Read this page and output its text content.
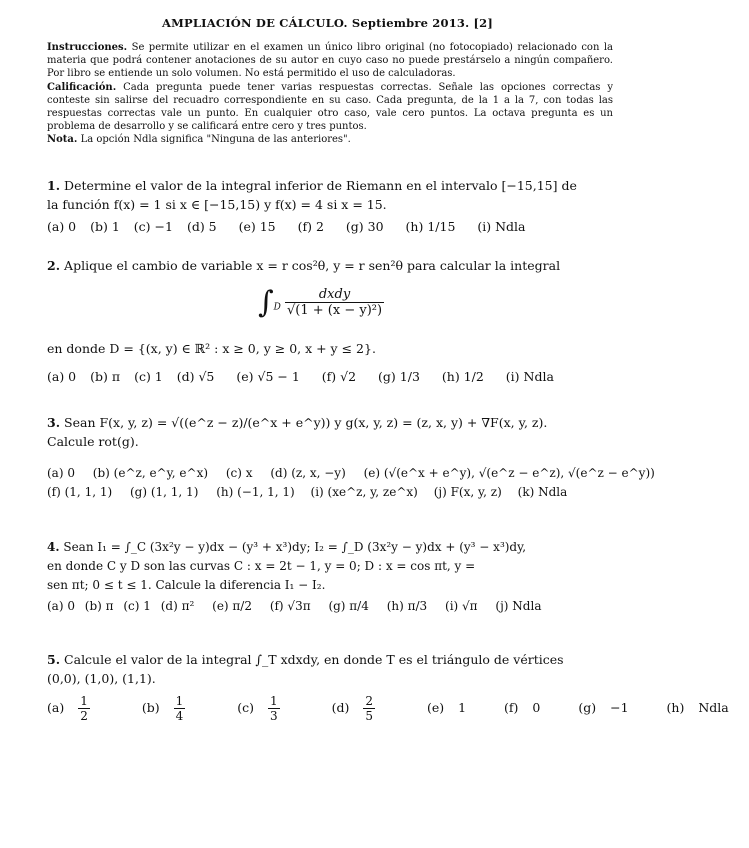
AMPLIACIÓN DE CÁLCULO. Septiembre 2013. [2]

Instrucciones. Se permite utilizar en el examen un único libro original (no fotocopiado) relacionado con la materia que podrá contener anotaciones de su autor en cuyo caso no puede prestárselo a ningún compañero. Por libro se entiende un solo volumen. No está permitido el uso de calculadoras.

Calificación. Cada pregunta puede tener varias respuestas correctas. Señale las opciones correctas y conteste sin salirse del recuadro correspondiente en su caso. Cada pregunta, de la 1 a la 7, con todas las respuestas correctas vale un punto. En cualquier otro caso, vale cero puntos. La octava pregunta es un problema de desarrollo y se calificará entre cero y tres puntos.

Nota. La opción Ndla significa "Ninguna de las anteriores".

1. Determine el valor de la integral inferior de Riemann en el intervalo [−15,15] de
la función f(x) = 1 si x ∈ [−15,15) y f(x) = 4 si x = 15.
(a) 0 (b) 1 (c) −1 (d) 5 (e) 15 (f) 2 (g) 30 (h) 1/15 (i) Ndla
2. Aplique el cambio de variable x = r cos²θ, y = r sen²θ para calcular la integral
$\int_D \frac{\text{dxdy}}{\text{√(1 + (x − y)²)}}$
en donde D = {(x, y) ∈ ℝ² : x ≥ 0, y ≥ 0, x + y ≤ 2}.
(a) 0 (b) π (c) 1 (d) √5 (e) √5 − 1 (f) √2 (g) 1/3 (h) 1/2 (i) Ndla
3. Sean F(x, y, z) = √((e^z − z)/(e^x + e^y)) y g(x, y, z) = (z, x, y) + ∇F(x, y, z).
Calcule rot(g).
(a) 0 (b) (e^z, e^y, e^x) (c) x (d) (z, x, −y) (e) (√(e^x + e^y), √(e^z − e^z), √(e^z − e^y))
(f) (1, 1, 1) (g) (1, 1, 1) (h) (−1, 1, 1) (i) (xe^z, y, ze^x) (j) F(x, y, z) (k) Ndla
4. Sean I₁ = ∫_C (3x²y − y)dx − (y³ + x³)dy; I₂ = ∫_D (3x²y − y)dx + (y³ − x³)dy,
en donde C y D son las curvas C : x = 2t − 1, y = 0; D : x = cos πt, y =
sen πt; 0 ≤ t ≤ 1. Calcule la diferencia I₁ − I₂.
(a) 0 (b) π (c) 1 (d) π² (e) π/2 (f) √3π (g) π/4 (h) π/3 (i) √π (j) Ndla
5. Calcule el valor de la integral ∫_T xdxdy, en donde T es el triángulo de vértices
(0,0), (1,0), (1,1).
$(a) \frac{1}{2}$	$(b) \frac{1}{4}$	$(c) \frac{1}{3}$	$(d) \frac{2}{5}$	(e) 1	(f) 0	(g) −1	(h) Ndla
